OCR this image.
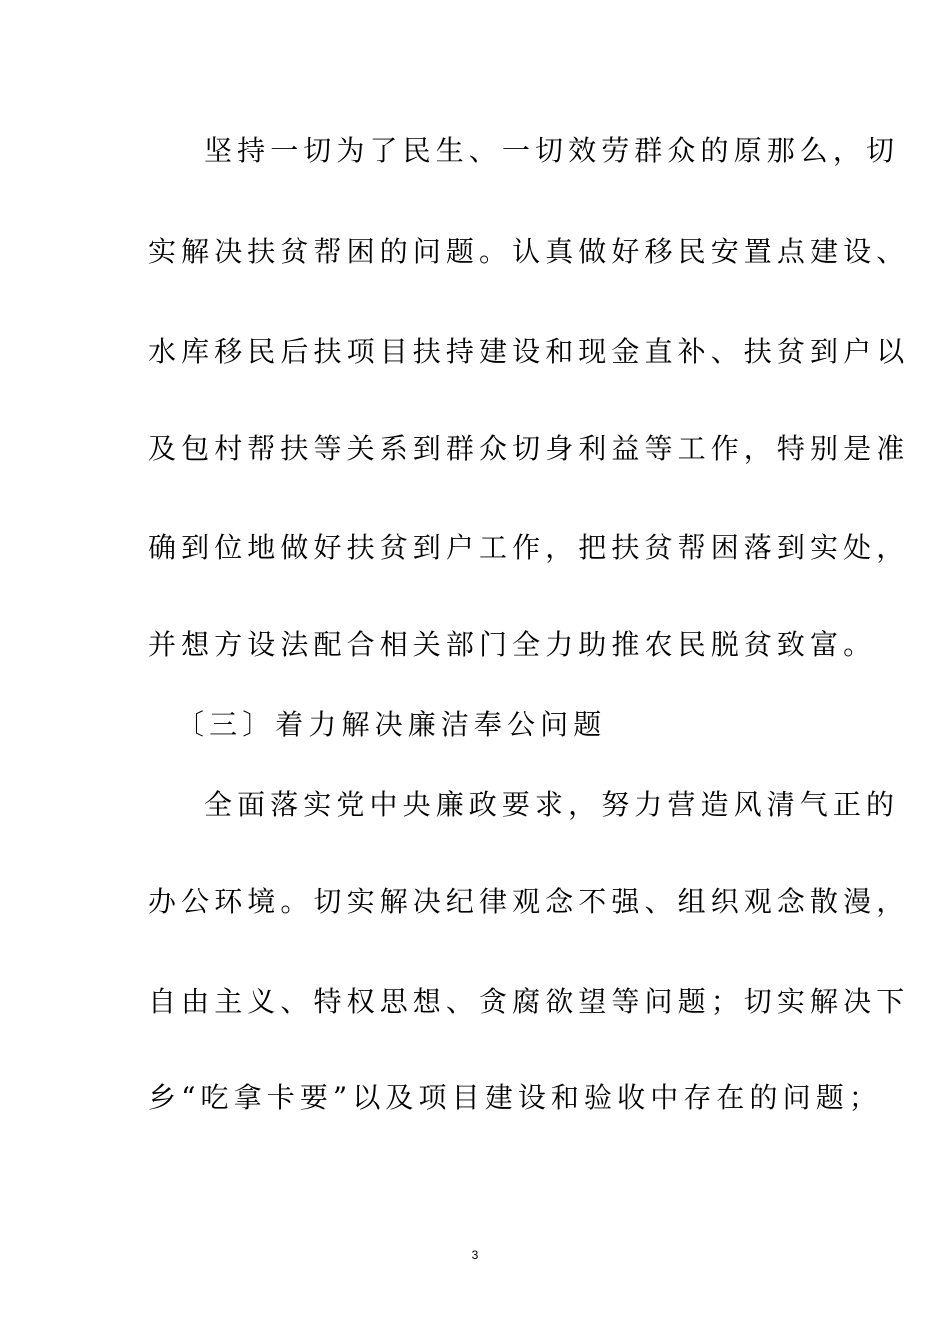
坚持一切为了民生、一切效劳群众的原那么，切
实解决扶贫帮困的问题。认真做好移民安置点建设、
水库移民后扶项目扶持建设和现金直补、扶贫到户以
及包村帮扶等关系到群众切身利益等工作，特别是准
确到位地做好扶贫到户工作，把扶贫帮困落到实处，
并想方设法配合相关部门全力助推农民脱贫致富。
〔三〕着力解决廉洁奉公问题
全面落实党中央廉政要求，努力营造风清气正的
办公环境。切实解决纪律观念不强、组织观念散漫，
自由主义、特权思想、贪腐欲望等问题；切实解决下
乡“吃拿卡要”以及项目建设和验收中存在的问题；
3
